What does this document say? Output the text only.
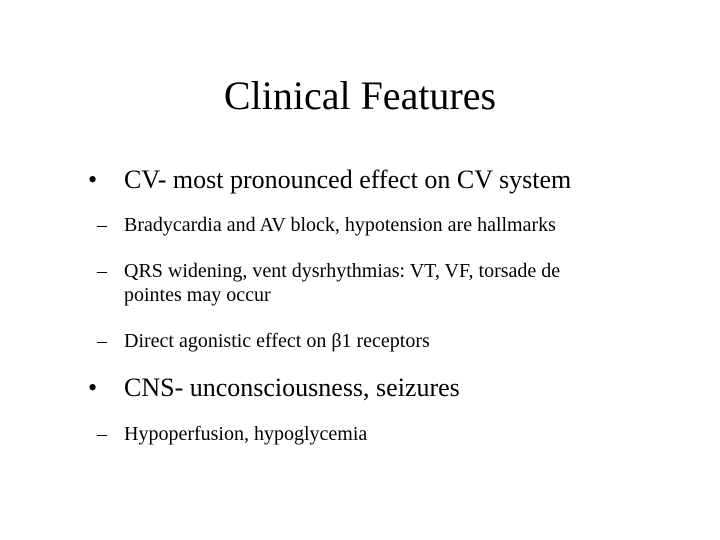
Clinical Features
•	CV- most pronounced effect on CV system
– Bradycardia and AV block, hypotension are hallmarks
– QRS widening, vent dysrhythmias: VT, VF, torsade de pointes may occur
– Direct agonistic effect on β1 receptors
•	CNS- unconsciousness, seizures
– Hypoperfusion, hypoglycemia
